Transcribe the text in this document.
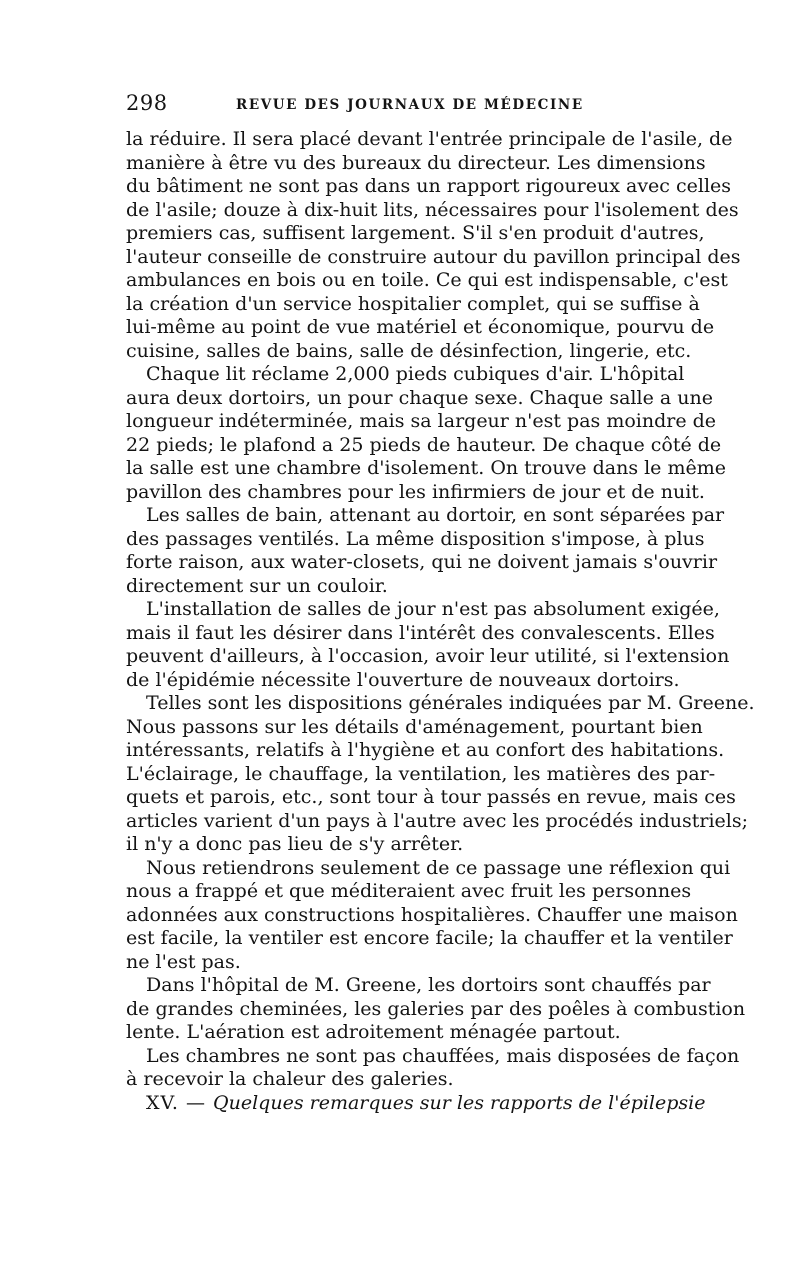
298	REVUE DES JOURNAUX DE MÉDECINE
la réduire. Il sera placé devant l'entrée principale de l'asile, de
manière à être vu des bureaux du directeur. Les dimensions
du bâtiment ne sont pas dans un rapport rigoureux avec celles
de l'asile; douze à dix-huit lits, nécessaires pour l'isolement des
premiers cas, suffisent largement. S'il s'en produit d'autres,
l'auteur conseille de construire autour du pavillon principal des
ambulances en bois ou en toile. Ce qui est indispensable, c'est
la création d'un service hospitalier complet, qui se suffise à
lui-même au point de vue matériel et économique, pourvu de
cuisine, salles de bains, salle de désinfection, lingerie, etc.
Chaque lit réclame 2,000 pieds cubiques d'air. L'hôpital
aura deux dortoirs, un pour chaque sexe. Chaque salle a une
longueur indéterminée, mais sa largeur n'est pas moindre de
22 pieds; le plafond a 25 pieds de hauteur. De chaque côté de
la salle est une chambre d'isolement. On trouve dans le même
pavillon des chambres pour les infirmiers de jour et de nuit.
Les salles de bain, attenant au dortoir, en sont séparées par
des passages ventilés. La même disposition s'impose, à plus
forte raison, aux water-closets, qui ne doivent jamais s'ouvrir
directement sur un couloir.
L'installation de salles de jour n'est pas absolument exigée,
mais il faut les désirer dans l'intérêt des convalescents. Elles
peuvent d'ailleurs, à l'occasion, avoir leur utilité, si l'extension
de l'épidémie nécessite l'ouverture de nouveaux dortoirs.
Telles sont les dispositions générales indiquées par M. Greene.
Nous passons sur les détails d'aménagement, pourtant bien
intéressants, relatifs à l'hygiène et au confort des habitations.
L'éclairage, le chauffage, la ventilation, les matières des par-
quets et parois, etc., sont tour à tour passés en revue, mais ces
articles varient d'un pays à l'autre avec les procédés industriels;
il n'y a donc pas lieu de s'y arrêter.
Nous retiendrons seulement de ce passage une réflexion qui
nous a frappé et que méditeraient avec fruit les personnes
adonnées aux constructions hospitalières. Chauffer une maison
est facile, la ventiler est encore facile; la chauffer et la ventiler
ne l'est pas.
Dans l'hôpital de M. Greene, les dortoirs sont chauffés par
de grandes cheminées, les galeries par des poêles à combustion
lente. L'aération est adroitement ménagée partout.
Les chambres ne sont pas chauffées, mais disposées de façon
à recevoir la chaleur des galeries.
XV. — Quelques remarques sur les rapports de l'épilepsie
